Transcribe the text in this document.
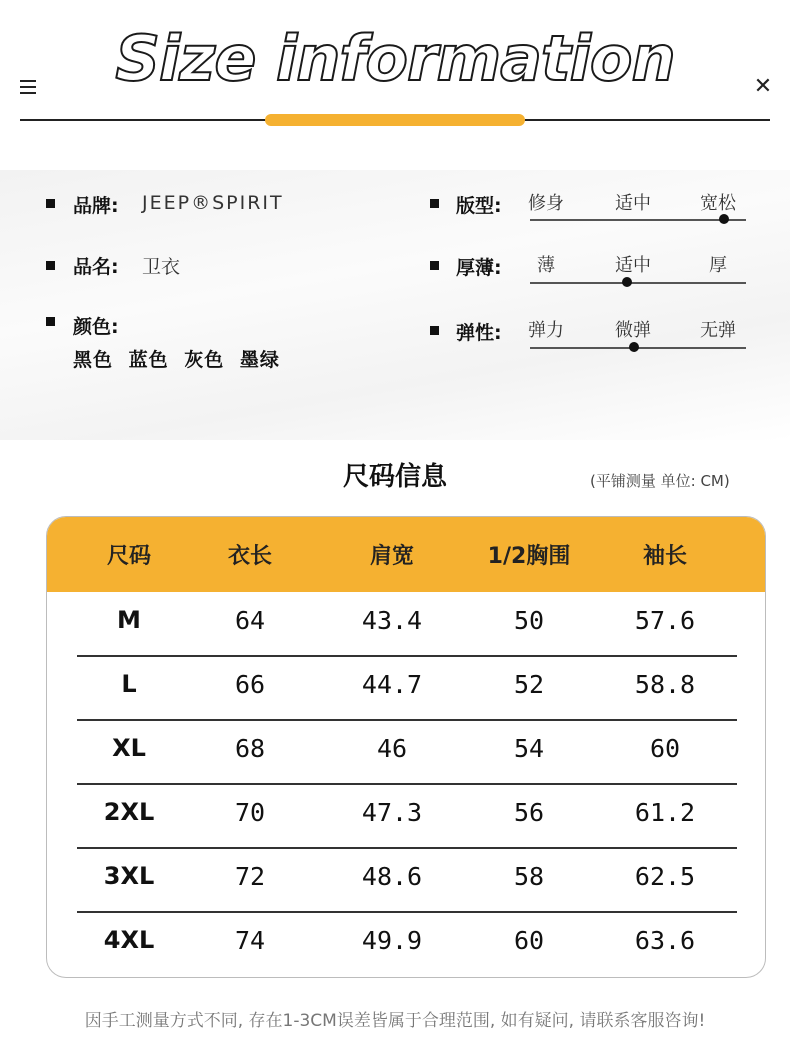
Size information	✕
品牌: JEEP®SPIRIT
品名: 卫衣
颜色:
黑色 蓝色 灰色 墨绿
版型:	修身	适中	宽松
厚薄:	薄	适中	厚
弹性:	弹力	微弹	无弹
尺码信息	(平铺测量 单位: CM)
尺码	衣长	肩宽	1/2胸围	袖长
M	64	43.4	50	57.6
L	66	44.7	52	58.8
XL	68	46	54	60
2XL	70	47.3	56	61.2
3XL	72	48.6	58	62.5
4XL	74	49.9	60	63.6
因手工测量方式不同, 存在1-3CM误差皆属于合理范围, 如有疑问, 请联系客服咨询!
